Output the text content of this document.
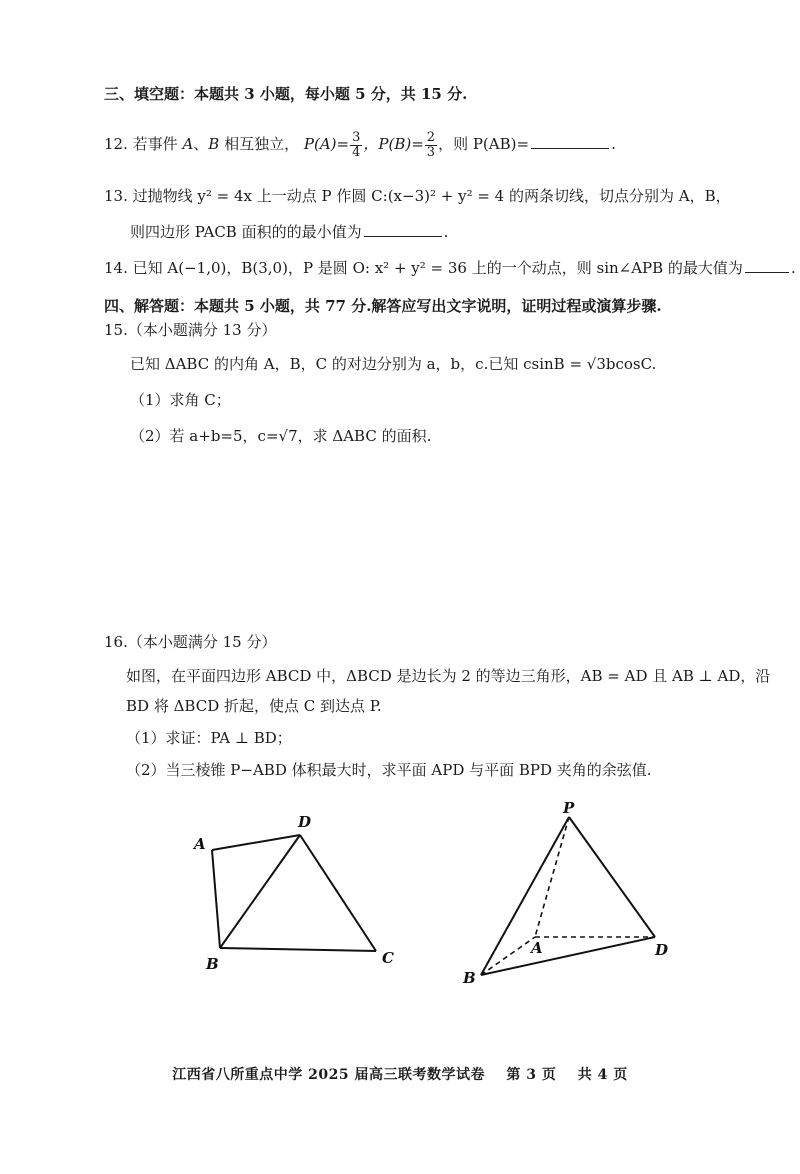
三、填空题：本题共 3 小题，每小题 5 分，共 15 分.
12. 若事件 A、B 相互独立， $P(A)= \frac{3}{4}$ ，$P(B)= \frac{2}{3}$ ，则 P(AB)=	.
13. 过抛物线 y² = 4x 上一动点 P 作圆 C:(x−3)² + y² = 4 的两条切线，切点分别为 A，B，
则四边形 PACB 面积的的最小值为	.
14. 已知 A(−1,0)，B(3,0)，P 是圆 O: x² + y² = 36 上的一个动点，则 sin∠APB 的最大值为	.
四、解答题：本题共 5 小题，共 77 分.解答应写出文字说明，证明过程或演算步骤.
15.（本小题满分 13 分）
已知 ΔABC 的内角 A，B，C 的对边分别为 a，b，c.已知 csinB = √3bcosC.
（1）求角 C；
（2）若 a+b=5，c=√7，求 ΔABC 的面积.
16.（本小题满分 15 分）
如图，在平面四边形 ABCD 中，ΔBCD 是边长为 2 的等边三角形，AB = AD 且 AB ⊥ AD，沿
BD 将 ΔBCD 折起，使点 C 到达点 P.
（1）求证：PA ⊥ BD；
（2）当三棱锥 P−ABD 体积最大时，求平面 APD 与平面 BPD 夹角的余弦值.
A
D
B	C
P
A	D
B
江西省八所重点中学 2025 届高三联考数学试卷 第 3 页 共 4 页
